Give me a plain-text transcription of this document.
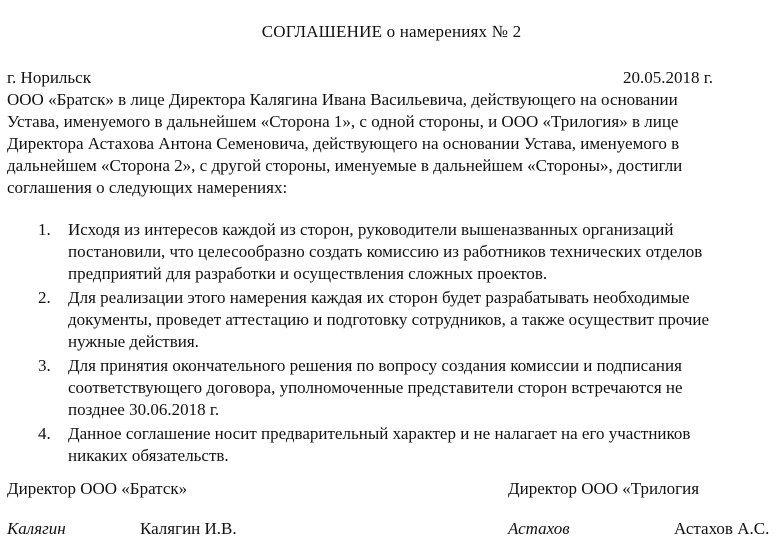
СОГЛАШЕНИЕ о намерениях № 2
г. Норильск	20.05.2018 г.
ООО «Братск» в лице Директора Калягина Ивана Васильевича, действующего на основании
Устава, именуемого в дальнейшем «Сторона 1», с одной стороны, и ООО «Трилогия» в лице
Директора Астахова Антона Семеновича, действующего на основании Устава, именуемого в
дальнейшем «Сторона 2», с другой стороны, именуемые в дальнейшем «Стороны», достигли
соглашения о следующих намерениях:
1. Исходя из интересов каждой из сторон, руководители вышеназванных организаций
постановили, что целесообразно создать комиссию из работников технических отделов
предприятий для разработки и осуществления сложных проектов.
2. Для реализации этого намерения каждая их сторон будет разрабатывать необходимые
документы, проведет аттестацию и подготовку сотрудников, а также осуществит прочие
нужные действия.
3. Для принятия окончательного решения по вопросу создания комиссии и подписания
соответствующего договора, уполномоченные представители сторон встречаются не
позднее 30.06.2018 г.
4. Данное соглашение носит предварительный характер и не налагает на его участников
никаких обязательств.
Директор ООО «Братск»	Директор ООО «Трилогия
Калягин	Калягин И.В.	Астахов	Астахов А.С.
